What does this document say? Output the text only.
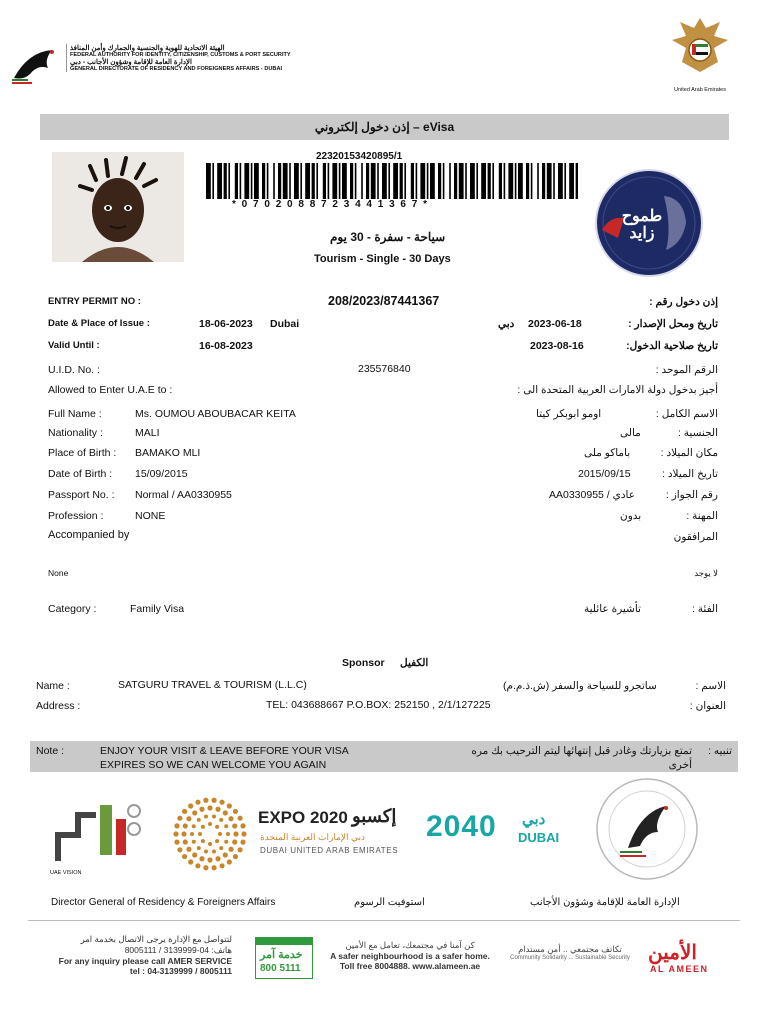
الهيئة الاتحادية للهوية والجنسية والجمارك وأمن المنافذ
FEDERAL AUTHORITY FOR IDENTITY, CITIZENSHIP, CUSTOMS & PORT SECURITY
الإدارة العامة للإقامة وشؤون الأجانب - دبي
GENERAL DIRECTORATE OF RESIDENCY AND FOREIGNERS AFFAIRS - DUBAI
United Arab Emirates
إذن دخول إلكتروني – eVisa
22320153420895/1
* 0 7 0 2 0 8 8 7 2 3 4 4 1 3 6 7 *
سياحة - سفرة - 30 يوم
Tourism - Single - 30 Days
طموح زايد
ENTRY PERMIT NO :	208/2023/87441367	إذن دخول رقم :
Date & Place of Issue :	18-06-2023 Dubai	دبي 2023-06-18	تاريخ ومحل الإصدار :
Valid Until :	16-08-2023	2023-08-16	تاريخ صلاحية الدخول:
U.I.D. No. :	235576840	الرقم الموحد :
Allowed to Enter U.A.E to :	أجيز بدخول دولة الامارات العربية المتحدة الى :
Full Name :	Ms. OUMOU ABOUBACAR KEITA	اومو ابوبكر كيتا	الاسم الكامل :
Nationality :	MALI	مالى	الجنسية :
Place of Birth : BAMAKO MLI	باماكو ملى	مكان الميلاد :
Date of Birth : 15/09/2015	2015/09/15	تاريخ الميلاد :
Passport No. : Normal / AA0330955	AA0330955 / عادي	رقم الجواز :
Profession :	NONE	بدون	المهنة :
Accompanied by	المرافقون
None	لا يوجد
Category :	Family Visa	تأشيرة عائلية	الفئة :
Sponsor الكفيل
Name :	SATGURU TRAVEL & TOURISM (L.L.C)	(ساتجرو للسياحة والسفر (ش.ذ.م.م	الاسم :
Address :	TEL: 043688667 P.O.BOX: 252150 , 2/1/127225	العنوان :
Note :	ENJOY YOUR VISIT & LEAVE BEFORE YOUR VISA
EXPIRES SO WE CAN WELCOME YOU AGAIN
تمتع بزيارتك وغادر قبل إنتهائها ليتم الترحيب بك مره
أخرى
تنبيه :
UAE VISION
EXPO 2020 إكسبو
دبي الإمارات العربية المتحدة
DUBAI UNITED ARAB EMIRATES
2040 دبي
DUBAI
Director General of Residency & Foreigners Affairs	استوفيت الرسوم	الإدارة العامة للإقامة وشؤون الأجانب
لتتواصل مع الإدارة يرجى الاتصال بخدمة امر
هاتف: 04-3139999 / 8005111
For any inquiry please call AMER SERVICE
tel : 04-3139999 / 8005111
خدمة آمر
800 5111
كن آمنا في مجتمعك، تعامل مع الأمين
A safer neighbourhood is a safer home.
Toll free 8004888. www.alameen.ae
تكاتف مجتمعي .. أمن مستدام
Community Solidarity ... Sustainable Security الأمين
AL AMEEN
